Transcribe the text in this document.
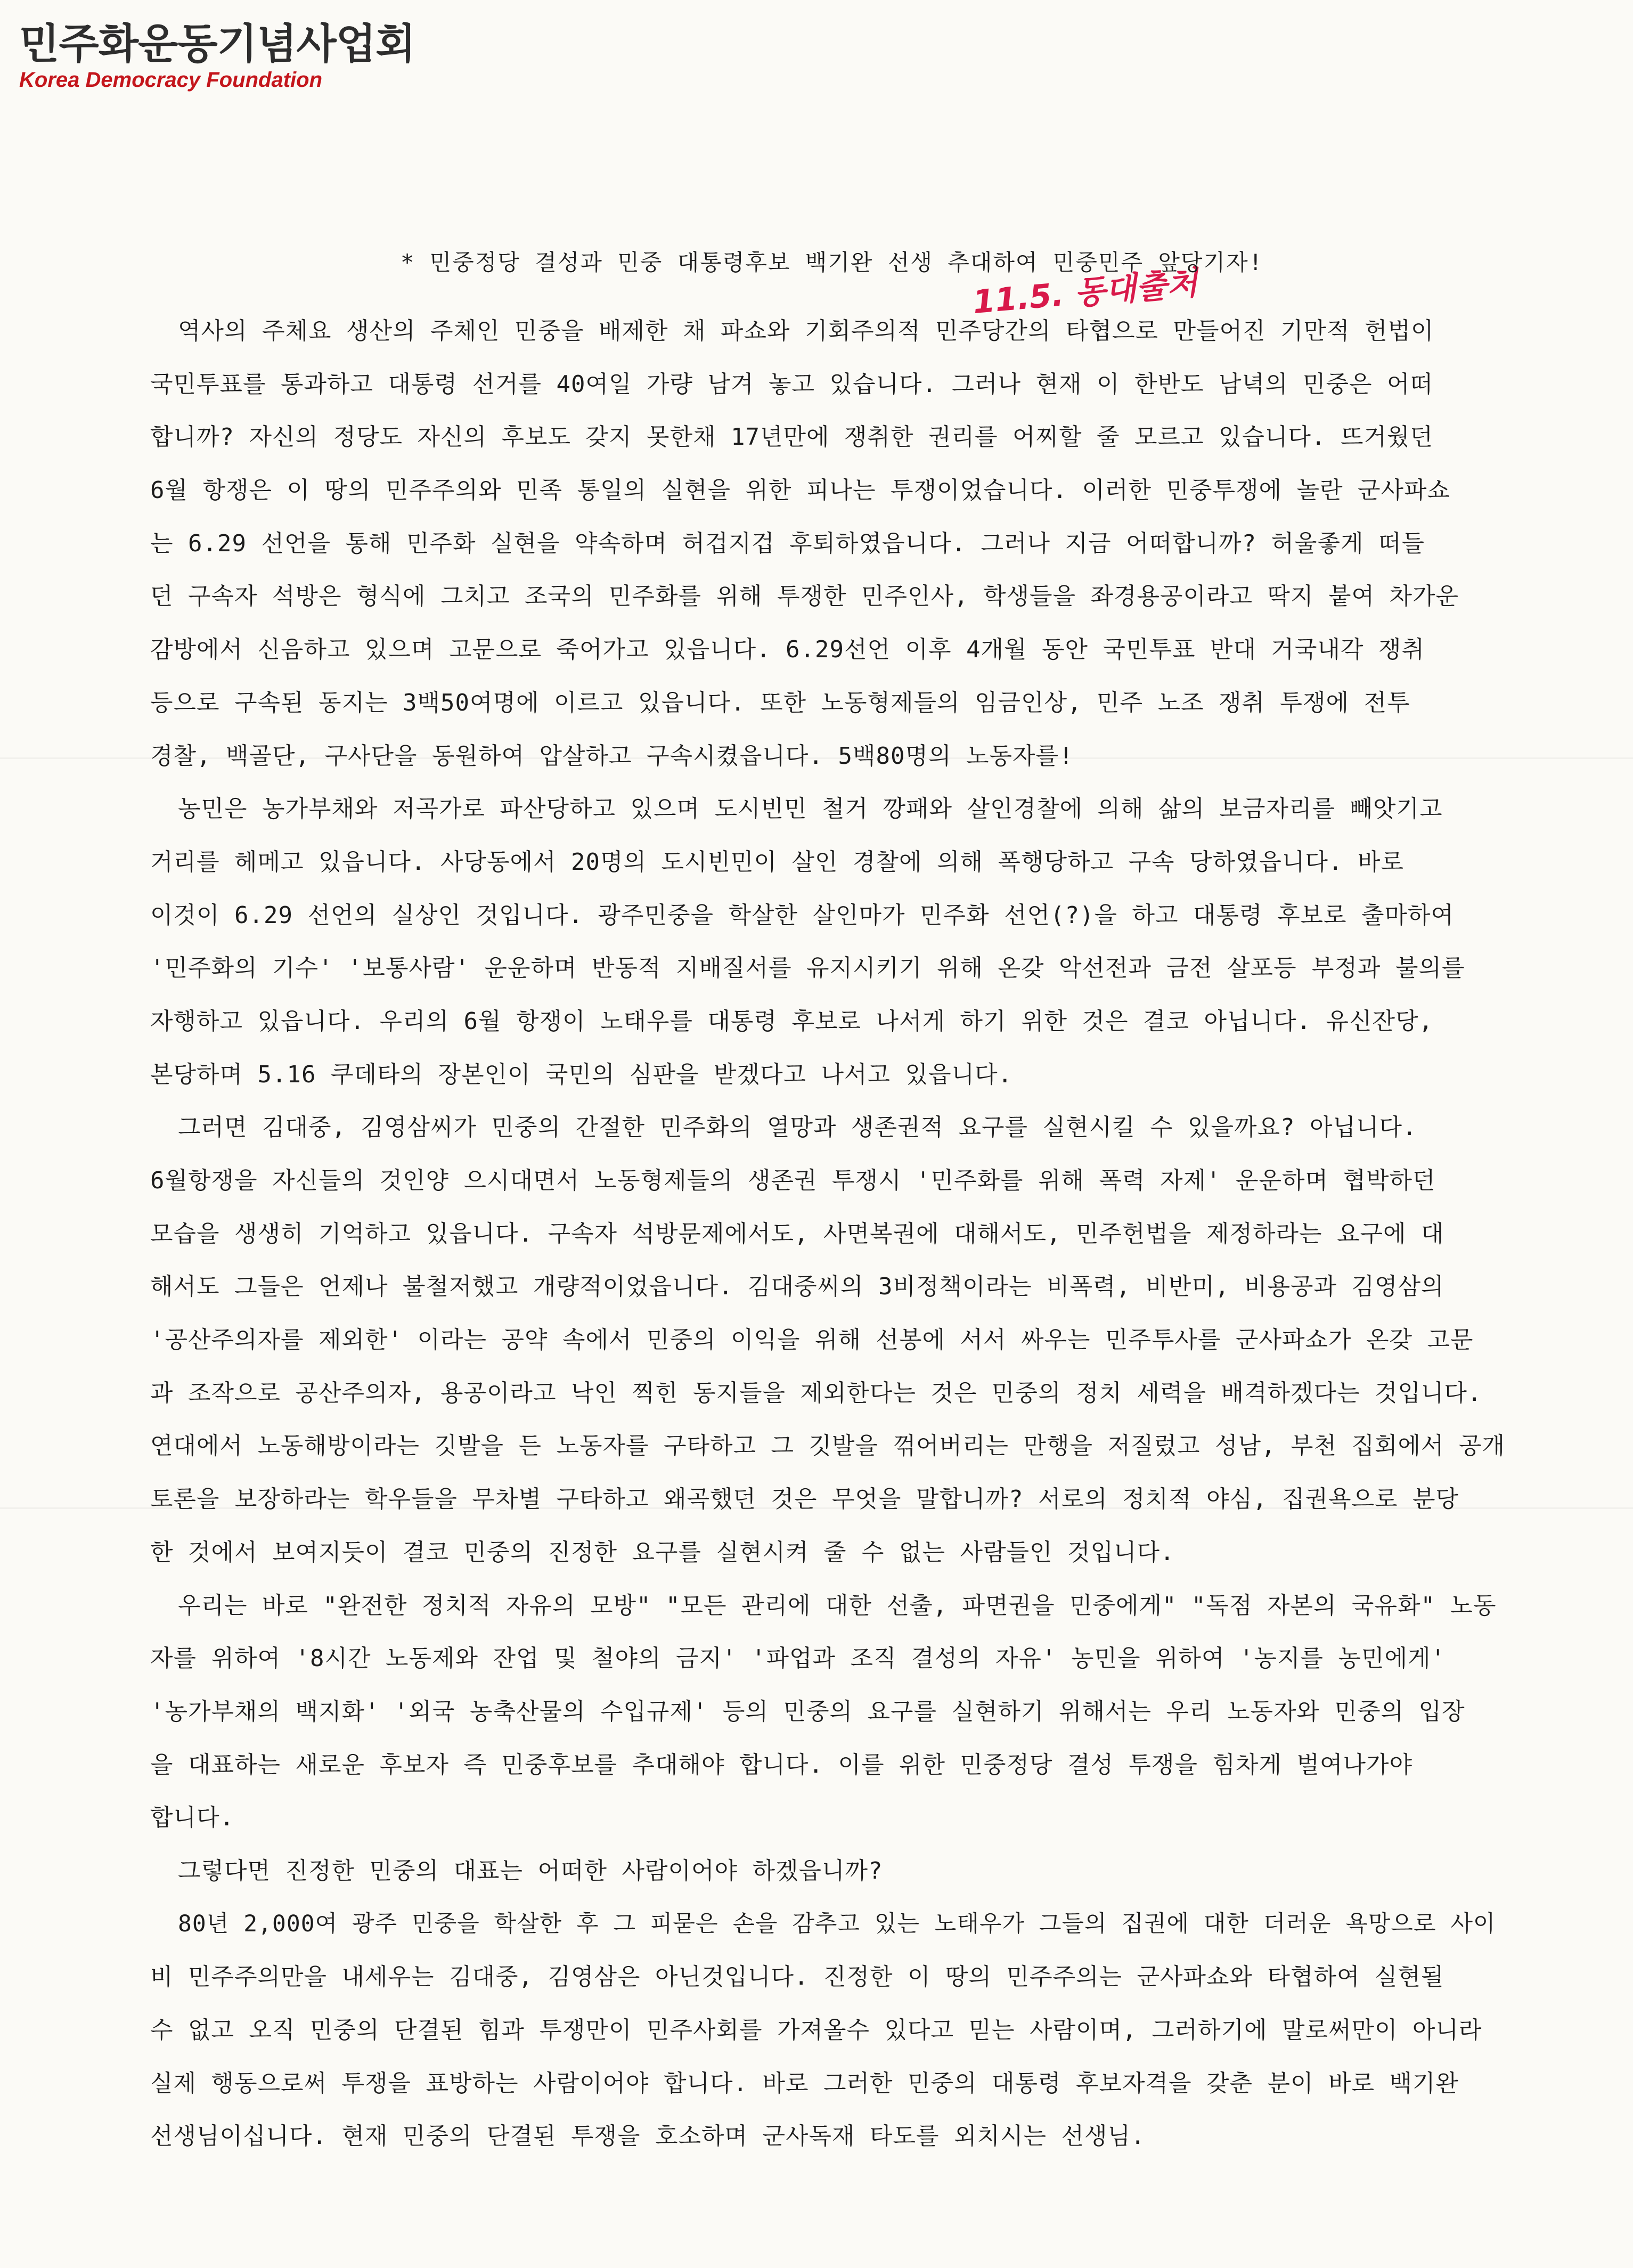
민주화운동기념사업회
Korea Democracy Foundation
11.5. 동대출처
* 민중정당 결성과 민중 대통령후보 백기완 선생 추대하여 민중민주 앞당기자!
역사의 주체요 생산의 주체인 민중을 배제한 채 파쇼와 기회주의적 민주당간의 타협으로 만들어진 기만적 헌법이
국민투표를 통과하고 대통령 선거를 40여일 가량 남겨 놓고 있습니다. 그러나 현재 이 한반도 남녁의 민중은 어떠
합니까? 자신의 정당도 자신의 후보도 갖지 못한채 17년만에 쟁취한 권리를 어찌할 줄 모르고 있습니다. 뜨거웠던
6월 항쟁은 이 땅의 민주주의와 민족 통일의 실현을 위한 피나는 투쟁이었습니다. 이러한 민중투쟁에 놀란 군사파쇼
는 6.29 선언을 통해 민주화 실현을 약속하며 허겁지겁 후퇴하였읍니다. 그러나 지금 어떠합니까? 허울좋게 떠들
던 구속자 석방은 형식에 그치고 조국의 민주화를 위해 투쟁한 민주인사, 학생들을 좌경용공이라고 딱지 붙여 차가운
감방에서 신음하고 있으며 고문으로 죽어가고 있읍니다. 6.29선언 이후 4개월 동안 국민투표 반대 거국내각 쟁취
등으로 구속된 동지는 3백50여명에 이르고 있읍니다. 또한 노동형제들의 임금인상, 민주 노조 쟁취 투쟁에 전투
경찰, 백골단, 구사단을 동원하여 압살하고 구속시켰읍니다. 5백80명의 노동자를!
농민은 농가부채와 저곡가로 파산당하고 있으며 도시빈민 철거 깡패와 살인경찰에 의해 삶의 보금자리를 빼앗기고
거리를 헤메고 있읍니다. 사당동에서 20명의 도시빈민이 살인 경찰에 의해 폭행당하고 구속 당하였읍니다. 바로
이것이 6.29 선언의 실상인 것입니다. 광주민중을 학살한 살인마가 민주화 선언(?)을 하고 대통령 후보로 출마하여
'민주화의 기수' '보통사람' 운운하며 반동적 지배질서를 유지시키기 위해 온갖 악선전과 금전 살포등 부정과 불의를
자행하고 있읍니다. 우리의 6월 항쟁이 노태우를 대통령 후보로 나서게 하기 위한 것은 결코 아닙니다. 유신잔당,
본당하며 5.16 쿠데타의 장본인이 국민의 심판을 받겠다고 나서고 있읍니다.
그러면 김대중, 김영삼씨가 민중의 간절한 민주화의 열망과 생존권적 요구를 실현시킬 수 있을까요? 아닙니다.
6월항쟁을 자신들의 것인양 으시대면서 노동형제들의 생존권 투쟁시 '민주화를 위해 폭력 자제' 운운하며 협박하던
모습을 생생히 기억하고 있읍니다. 구속자 석방문제에서도, 사면복권에 대해서도, 민주헌법을 제정하라는 요구에 대
해서도 그들은 언제나 불철저했고 개량적이었읍니다. 김대중씨의 3비정책이라는 비폭력, 비반미, 비용공과 김영삼의
'공산주의자를 제외한' 이라는 공약 속에서 민중의 이익을 위해 선봉에 서서 싸우는 민주투사를 군사파쇼가 온갖 고문
과 조작으로 공산주의자, 용공이라고 낙인 찍힌 동지들을 제외한다는 것은 민중의 정치 세력을 배격하겠다는 것입니다.
연대에서 노동해방이라는 깃발을 든 노동자를 구타하고 그 깃발을 꺾어버리는 만행을 저질렀고 성남, 부천 집회에서 공개
토론을 보장하라는 학우들을 무차별 구타하고 왜곡했던 것은 무엇을 말합니까? 서로의 정치적 야심, 집권욕으로 분당
한 것에서 보여지듯이 결코 민중의 진정한 요구를 실현시켜 줄 수 없는 사람들인 것입니다.
우리는 바로 "완전한 정치적 자유의 모방" "모든 관리에 대한 선출, 파면권을 민중에게" "독점 자본의 국유화" 노동
자를 위하여 '8시간 노동제와 잔업 및 철야의 금지' '파업과 조직 결성의 자유' 농민을 위하여 '농지를 농민에게'
'농가부채의 백지화' '외국 농축산물의 수입규제' 등의 민중의 요구를 실현하기 위해서는 우리 노동자와 민중의 입장
을 대표하는 새로운 후보자 즉 민중후보를 추대해야 합니다. 이를 위한 민중정당 결성 투쟁을 힘차게 벌여나가야
합니다.
그렇다면 진정한 민중의 대표는 어떠한 사람이어야 하겠읍니까?
80년 2,000여 광주 민중을 학살한 후 그 피묻은 손을 감추고 있는 노태우가 그들의 집권에 대한 더러운 욕망으로 사이
비 민주주의만을 내세우는 김대중, 김영삼은 아닌것입니다. 진정한 이 땅의 민주주의는 군사파쇼와 타협하여 실현될
수 없고 오직 민중의 단결된 힘과 투쟁만이 민주사회를 가져올수 있다고 믿는 사람이며, 그러하기에 말로써만이 아니라
실제 행동으로써 투쟁을 표방하는 사람이어야 합니다. 바로 그러한 민중의 대통령 후보자격을 갖춘 분이 바로 백기완
선생님이십니다. 현재 민중의 단결된 투쟁을 호소하며 군사독재 타도를 외치시는 선생님.
